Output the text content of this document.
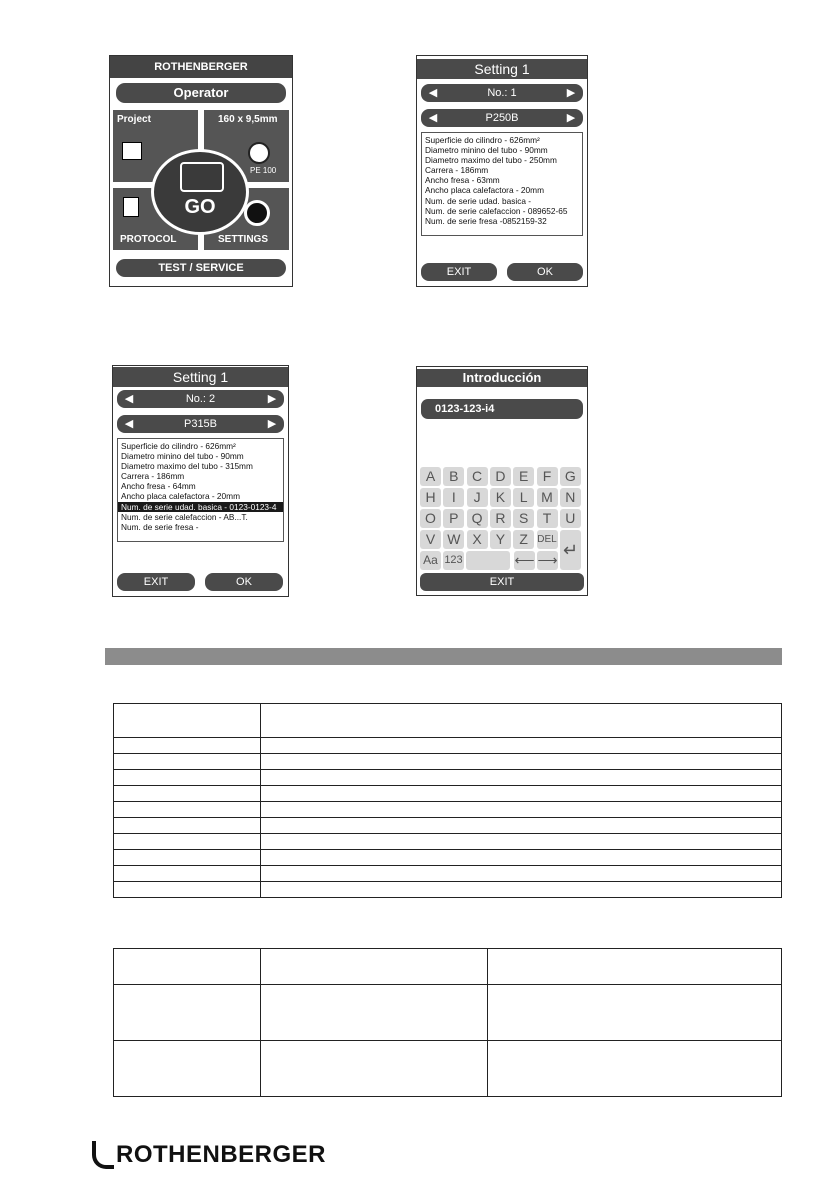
ROTHENBERGER
Operator
Project	160 x 9,5mm
PE 100
PROTOCOL	SETTINGS
GO
TEST / SERVICE
Setting 1
◀	No.: 1	▶
◀	P250B	▶
Superficie do cilindro - 626mm²
Diametro minino del tubo - 90mm
Diametro maximo del tubo - 250mm
Carrera - 186mm
Ancho fresa - 63mm
Ancho placa calefactora - 20mm
Num. de serie udad. basica -
Num. de serie calefaccion - 089652-65
Num. de serie fresa -0852159-32
EXIT	OK
Setting 1
◀	No.: 2	▶
◀	P315B	▶
Superficie do cilindro - 626mm²
Diametro minino del tubo - 90mm
Diametro maximo del tubo - 315mm
Carrera - 186mm
Ancho fresa - 64mm
Ancho placa calefactora - 20mm
Num. de serie udad. basica - 0123-0123-4
Num. de serie calefaccion - AB...T.
Num. de serie fresa -
EXIT	OK
Introducción
0123-123-i4
A B C D E	F G
H	I	J	K	L M N
O P Q R S	T U
V W X Y	Z DEL
Aa 123	⟵ ⟶ ↵
EXIT

ROTHENBERGER
